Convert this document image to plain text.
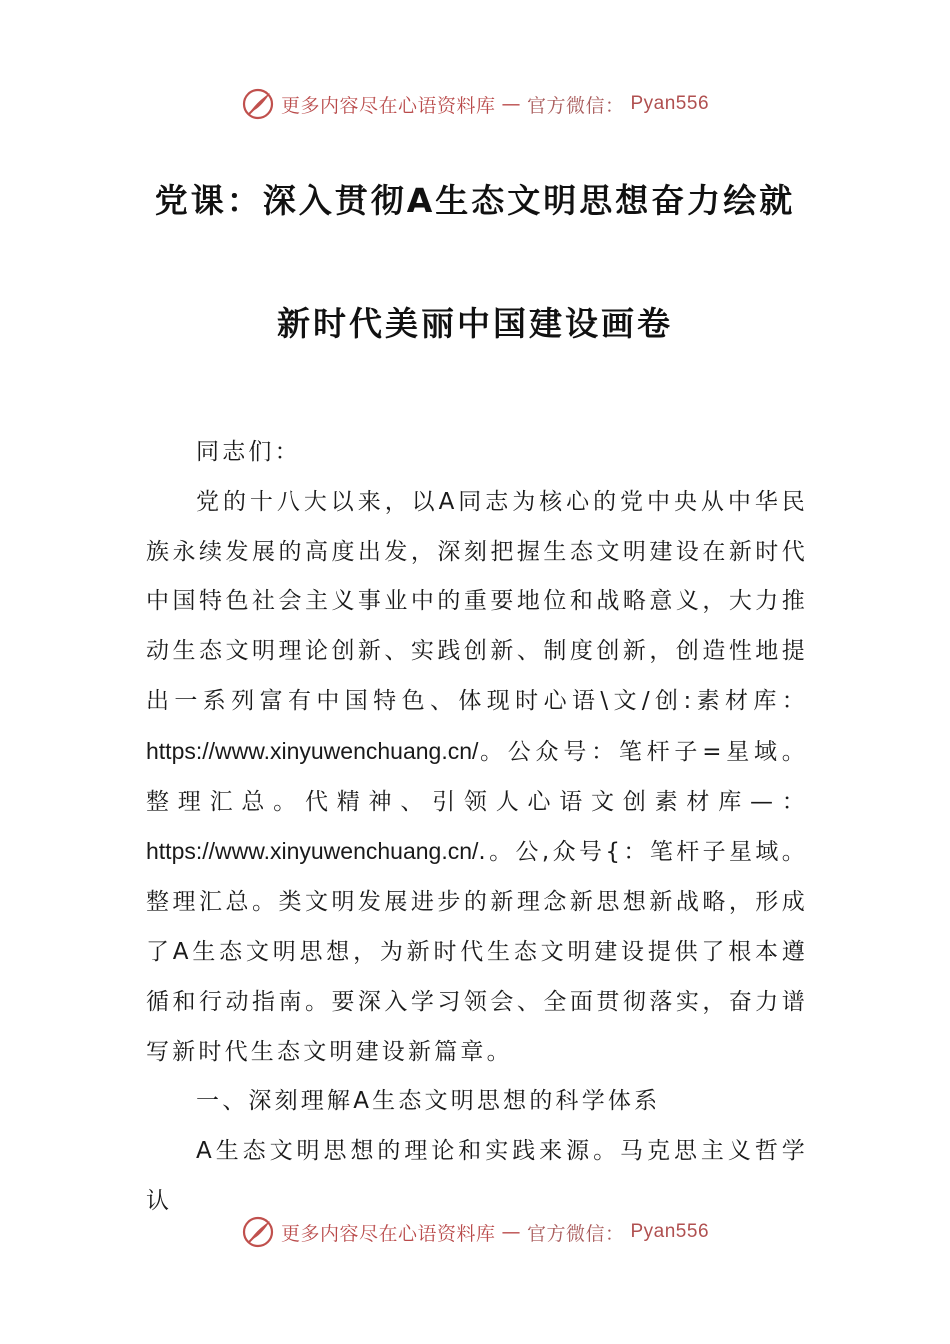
更多内容尽在心语资料库 — 官方微信： Pyan556
党课：深入贯彻A生态文明思想奋力绘就
新时代美丽中国建设画卷

同志们：

党的十八大以来，以A同志为核心的党中央从中华民族永续发展的高度出发，深刻把握生态文明建设在新时代中国特色社会主义事业中的重要地位和战略意义，大力推动生态文明理论创新、实践创新、制度创新，创造性地提出一系列富有中国特色、体现时心语\文/创:素材库：https://www.xinyuwenchuang.cn/。公众号：笔杆子=星域。整理汇总。代精神、引领人心语文创素材库—：https://www.xinyuwenchuang.cn/.。公,众号{：笔杆子星域。整理汇总。类文明发展进步的新理念新思想新战略，形成了A生态文明思想，为新时代生态文明建设提供了根本遵循和行动指南。要深入学习领会、全面贯彻落实，奋力谱写新时代生态文明建设新篇章。

一、深刻理解A生态文明思想的科学体系

A生态文明思想的理论和实践来源。马克思主义哲学认

更多内容尽在心语资料库 — 官方微信： Pyan556
